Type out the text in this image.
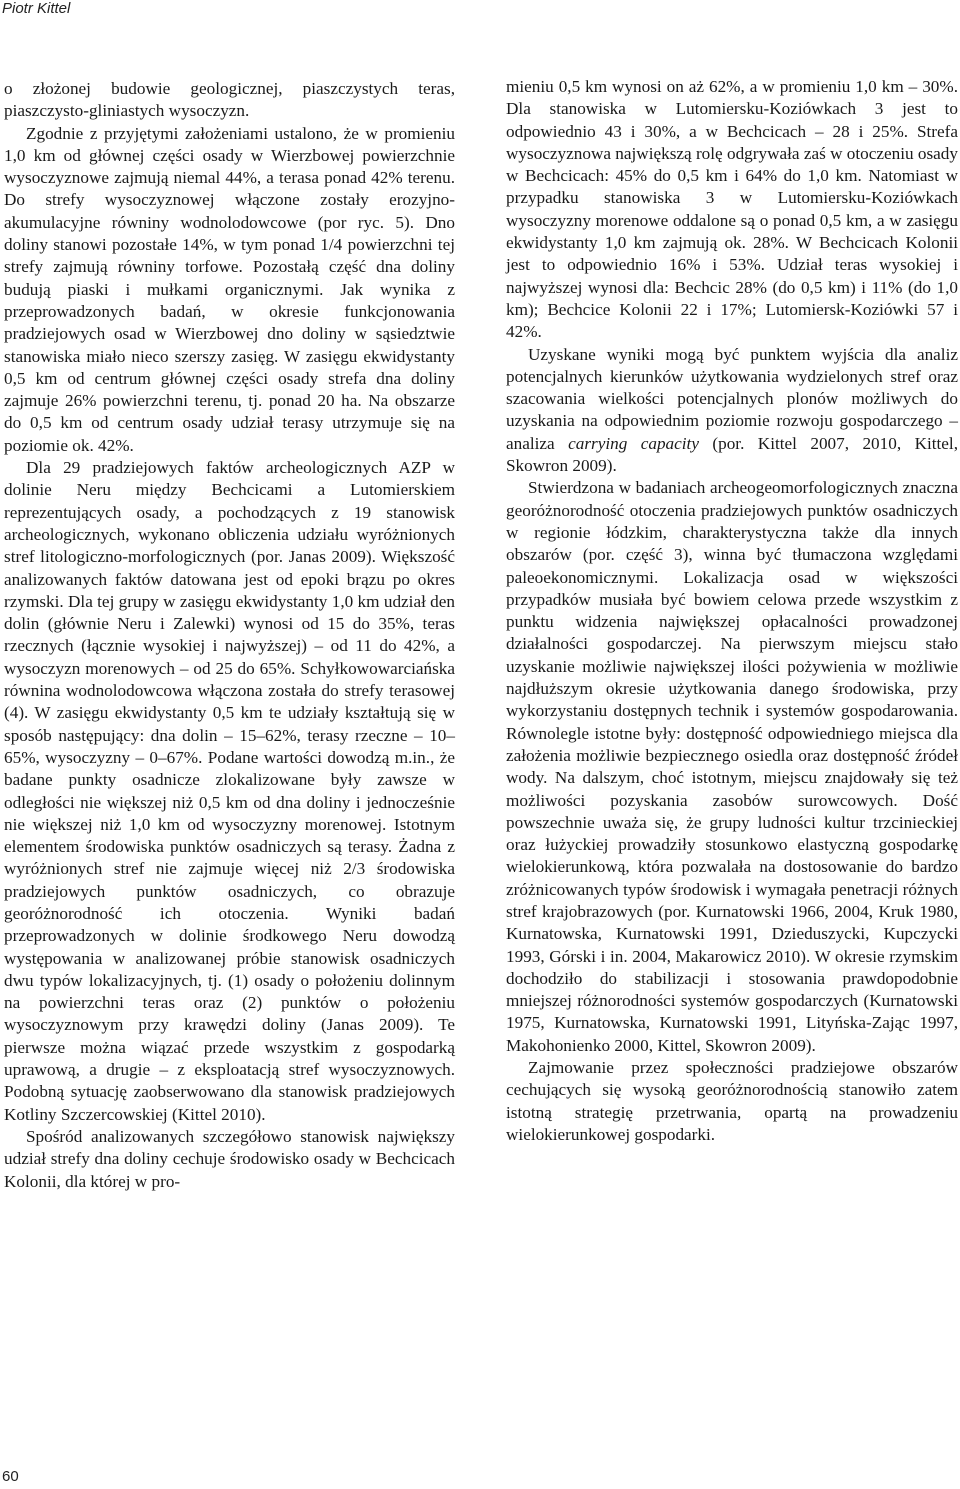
Piotr Kittel

o złożonej budowie geologicznej, piaszczystych teras, piaszczysto-gliniastych wysoczyzn.

Zgodnie z przyjętymi założeniami ustalono, że w promieniu 1,0 km od głównej części osady w Wierzbowej powierzchnie wysoczyznowe zajmują niemal 44%, a terasa ponad 42% terenu. Do strefy wysoczyznowej włączone zostały erozyjno-akumulacyjne równiny wodnolodowcowe (por ryc. 5). Dno doliny stanowi pozostałe 14%, w tym ponad 1/4 powierzchni tej strefy zajmują równiny torfowe. Pozostałą część dna doliny budują piaski i mułkami organicznymi. Jak wynika z przeprowadzonych badań, w okresie funkcjonowania pradziejowych osad w Wierzbowej dno doliny w sąsiedztwie stanowiska miało nieco szerszy zasięg. W zasięgu ekwidystanty 0,5 km od centrum głównej części osady strefa dna doliny zajmuje 26% powierzchni terenu, tj. ponad 20 ha. Na obszarze do 0,5 km od centrum osady udział terasy utrzymuje się na poziomie ok. 42%.

Dla 29 pradziejowych faktów archeologicznych AZP w dolinie Neru między Bechcicami a Lutomierskiem reprezentujących osady, a pochodzących z 19 stanowisk archeologicznych, wykonano obliczenia udziału wyróżnionych stref litologiczno-morfologicznych (por. Janas 2009). Większość analizowanych faktów datowana jest od epoki brązu po okres rzymski. Dla tej grupy w zasięgu ekwidystanty 1,0 km udział den dolin (głównie Neru i Zalewki) wynosi od 15 do 35%, teras rzecznych (łącznie wysokiej i najwyższej) – od 11 do 42%, a wysoczyzn morenowych – od 25 do 65%. Schyłkowowarciańska równina wodnolodowcowa włączona została do strefy terasowej (4). W zasięgu ekwidystanty 0,5 km te udziały kształtują się w sposób następujący: dna dolin – 15–62%, terasy rzeczne – 10–65%, wysoczyzny – 0–67%. Podane wartości dowodzą m.in., że badane punkty osadnicze zlokalizowane były zawsze w odległości nie większej niż 0,5 km od dna doliny i jednocześnie nie większej niż 1,0 km od wysoczyzny morenowej. Istotnym elementem środowiska punktów osadniczych są terasy. Żadna z wyróżnionych stref nie zajmuje więcej niż 2/3 środowiska pradziejowych punktów osadniczych, co obrazuje georóżnorodność ich otoczenia. Wyniki badań przeprowadzonych w dolinie środkowego Neru dowodzą występowania w analizowanej próbie stanowisk osadniczych dwu typów lokalizacyjnych, tj. (1) osady o położeniu dolinnym na powierzchni teras oraz (2) punktów o położeniu wysoczyznowym przy krawędzi doliny (Janas 2009). Te pierwsze można wiązać przede wszystkim z gospodarką uprawową, a drugie – z eksploatacją stref wysoczyznowych. Podobną sytuację zaobserwowano dla stanowisk pradziejowych Kotliny Szczercowskiej (Kittel 2010).

Spośród analizowanych szczegółowo stanowisk największy udział strefy dna doliny cechuje środowisko osady w Bechcicach Kolonii, dla której w pro-

mieniu 0,5 km wynosi on aż 62%, a w promieniu 1,0 km – 30%. Dla stanowiska w Lutomiersku-Koziówkach 3 jest to odpowiednio 43 i 30%, a w Bechcicach – 28 i 25%. Strefa wysoczyznowa największą rolę odgrywała zaś w otoczeniu osady w Bechcicach: 45% do 0,5 km i 64% do 1,0 km. Natomiast w przypadku stanowiska 3 w Lutomiersku-Koziówkach wysoczyzny morenowe oddalone są o ponad 0,5 km, a w zasięgu ekwidystanty 1,0 km zajmują ok. 28%. W Bechcicach Kolonii jest to odpowiednio 16% i 53%. Udział teras wysokiej i najwyższej wynosi dla: Bechcic 28% (do 0,5 km) i 11% (do 1,0 km); Bechcice Kolonii 22 i 17%; Lutomiersk-Koziówki 57 i 42%.

Uzyskane wyniki mogą być punktem wyjścia dla analiz potencjalnych kierunków użytkowania wydzielonych stref oraz szacowania wielkości potencjalnych plonów możliwych do uzyskania na odpowiednim poziomie rozwoju gospodarczego – analiza carrying capacity (por. Kittel 2007, 2010, Kittel, Skowron 2009).

Stwierdzona w badaniach archeogeomorfologicznych znaczna georóżnorodność otoczenia pradziejowych punktów osadniczych w regionie łódzkim, charakterystyczna także dla innych obszarów (por. część 3), winna być tłumaczona względami paleoekonomicznymi. Lokalizacja osad w większości przypadków musiała być bowiem celowa przede wszystkim z punktu widzenia największej opłacalności prowadzonej działalności gospodarczej. Na pierwszym miejscu stało uzyskanie możliwie największej ilości pożywienia w możliwie najdłuższym okresie użytkowania danego środowiska, przy wykorzystaniu dostępnych technik i systemów gospodarowania. Równolegle istotne były: dostępność odpowiedniego miejsca dla założenia możliwie bezpiecznego osiedla oraz dostępność źródeł wody. Na dalszym, choć istotnym, miejscu znajdowały się też możliwości pozyskania zasobów surowcowych. Dość powszechnie uważa się, że grupy ludności kultur trzcinieckiej oraz łużyckiej prowadziły stosunkowo elastyczną gospodarkę wielokierunkową, która pozwalała na dostosowanie do bardzo zróżnicowanych typów środowisk i wymagała penetracji różnych stref krajobrazowych (por. Kurnatowski 1966, 2004, Kruk 1980, Kurnatowska, Kurnatowski 1991, Dzieduszycki, Kupczycki 1993, Górski i in. 2004, Makarowicz 2010). W okresie rzymskim dochodziło do stabilizacji i stosowania prawdopodobnie mniejszej różnorodności systemów gospodarczych (Kurnatowski 1975, Kurnatowska, Kurnatowski 1991, Lityńska-Zając 1997, Makohonienko 2000, Kittel, Skowron 2009).

Zajmowanie przez społeczności pradziejowe obszarów cechujących się wysoką georóżnorodnością stanowiło zatem istotną strategię przetrwania, opartą na prowadzeniu wielokierunkowej gospodarki.

60
